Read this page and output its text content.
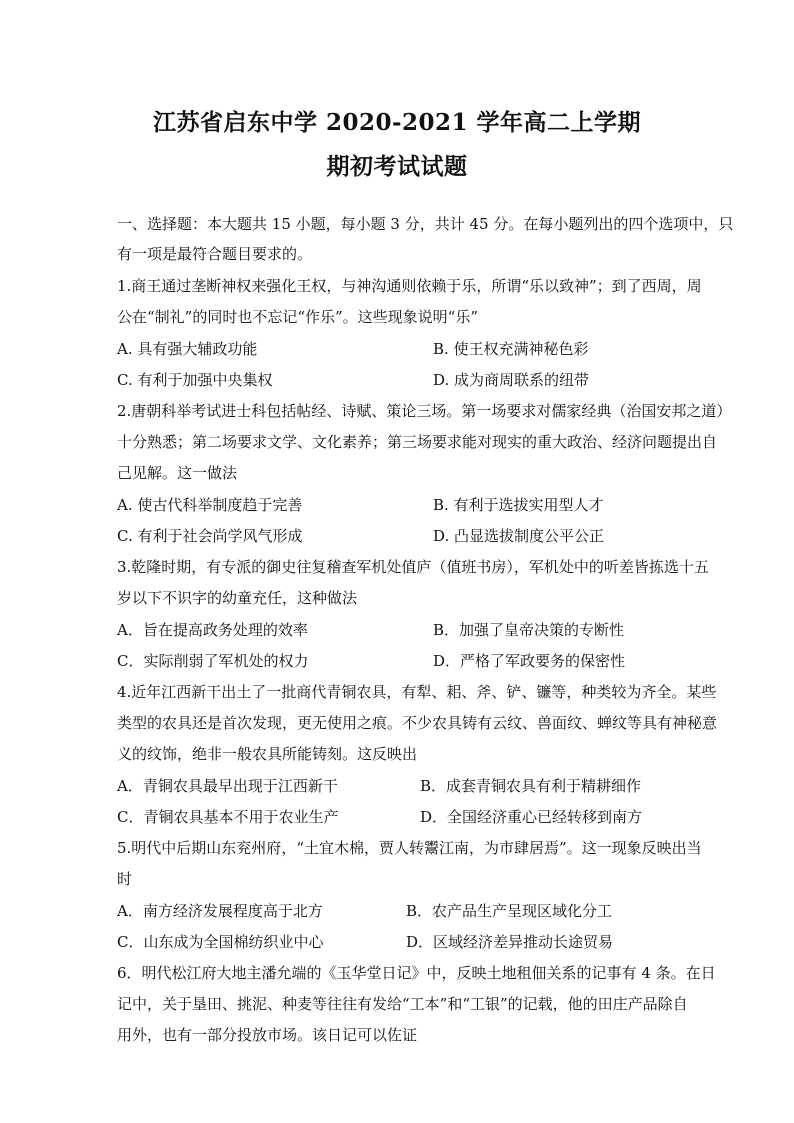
江苏省启东中学 2020-2021 学年高二上学期
期初考试试题
一、选择题：本大题共 15 小题，每小题 3 分，共计 45 分。在每小题列出的四个选项中，只
有一项是最符合题目要求的。
1.商王通过垄断神权来强化王权，与神沟通则依赖于乐，所谓“乐以致神”；到了西周，周
公在“制礼”的同时也不忘记“作乐”。这些现象说明“乐”
A. 具有强大辅政功能	B. 使王权充满神秘色彩
C. 有利于加强中央集权	D. 成为商周联系的纽带
2.唐朝科举考试进士科包括帖经、诗赋、策论三场。第一场要求对儒家经典（治国安邦之道）
十分熟悉；第二场要求文学、文化素养；第三场要求能对现实的重大政治、经济问题提出自
己见解。这一做法
A. 使古代科举制度趋于完善	B. 有利于选拔实用型人才
C. 有利于社会尚学风气形成	D. 凸显选拔制度公平公正
3.乾隆时期，有专派的御史往复稽查军机处值庐（值班书房），军机处中的听差皆拣选十五
岁以下不识字的幼童充任，这种做法
A．旨在提高政务处理的效率	B．加强了皇帝决策的专断性
C．实际削弱了军机处的权力	D．严格了军政要务的保密性
4.近年江西新干出土了一批商代青铜农具，有犁、耜、斧、铲、镰等，种类较为齐全。某些
类型的农具还是首次发现，更无使用之痕。不少农具铸有云纹、兽面纹、蝉纹等具有神秘意
义的纹饰，绝非一般农具所能铸刻。这反映出
A．青铜农具最早出现于江西新干	B．成套青铜农具有利于精耕细作
C．青铜农具基本不用于农业生产	D．全国经济重心已经转移到南方
5.明代中后期山东兖州府，“土宜木棉，贾人转鬻江南，为市肆居焉”。这一现象反映出当
时
A．南方经济发展程度高于北方	B．农产品生产呈现区域化分工
C．山东成为全国棉纺织业中心	D．区域经济差异推动长途贸易
6．明代松江府大地主潘允端的《玉华堂日记》中，反映土地租佃关系的记事有 4 条。在日
记中，关于垦田、挑泥、种麦等往往有发给“工本”和“工银”的记载，他的田庄产品除自
用外，也有一部分投放市场。该日记可以佐证
